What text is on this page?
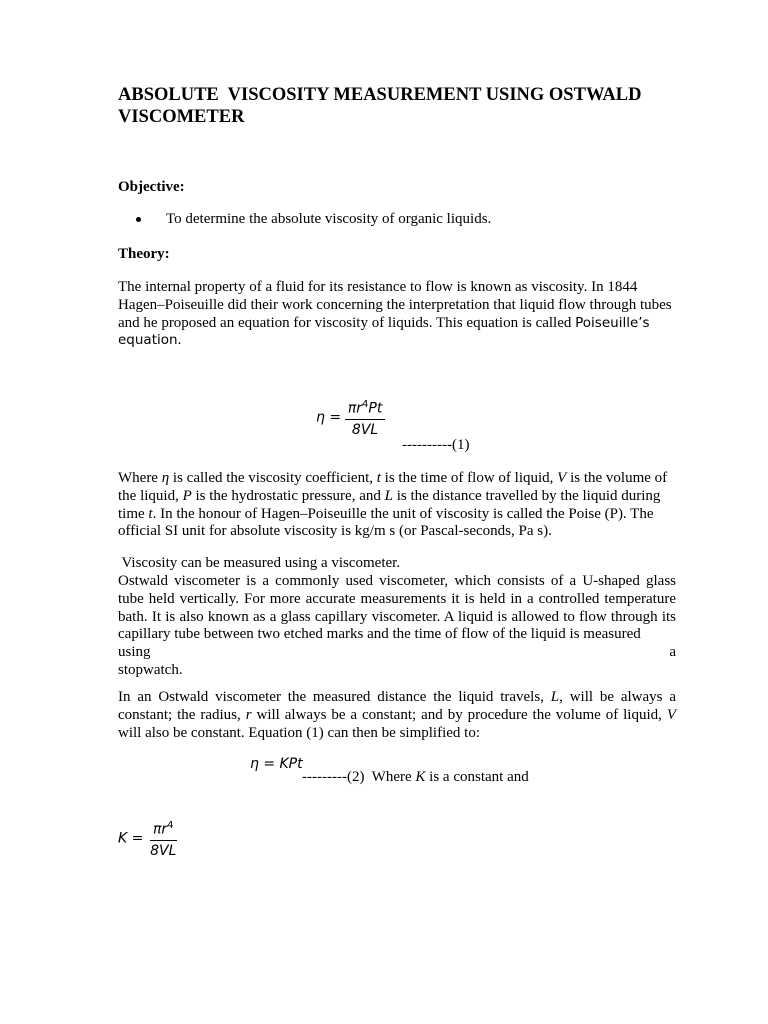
ABSOLUTE  VISCOSITY MEASUREMENT USING OSTWALD VISCOMETER
Objective:
To determine the absolute viscosity of organic liquids.
Theory:
The internal property of a fluid for its resistance to flow is known as viscosity. In 1844 Hagen–Poiseuille did their work concerning the interpretation that liquid flow through tubes and he proposed an equation for viscosity of liquids. This equation is called Poiseuille’s equation.
$\eta = \frac{\pi r^4Pt}{8VL}$
----------(1)
Where η is called the viscosity coefficient, t is the time of flow of liquid, V is the volume of the liquid, P is the hydrostatic pressure, and L is the distance travelled by the liquid during time t. In the honour of Hagen–Poiseuille the unit of viscosity is called the Poise (P). The official SI unit for absolute viscosity is kg/m s (or Pascal-seconds, Pa s).
Viscosity can be measured using a viscometer.
Ostwald viscometer is a commonly used viscometer, which consists of a U-shaped glass tube held vertically. For more accurate measurements it is held in a controlled temperature bath. It is also known as a glass capillary viscometer. A liquid is allowed to flow through its capillary tube between two etched marks and the time of flow of the liquid is measured
using	a
stopwatch.
In an Ostwald viscometer the measured distance the liquid travels, L, will be always a constant; the radius, r will always be a constant; and by procedure the volume of liquid, V will also be constant. Equation (1) can then be simplified to:
η = KPt
---------(2)  Where K is a constant and
$K = \frac{\pi r^4}{8VL}$
